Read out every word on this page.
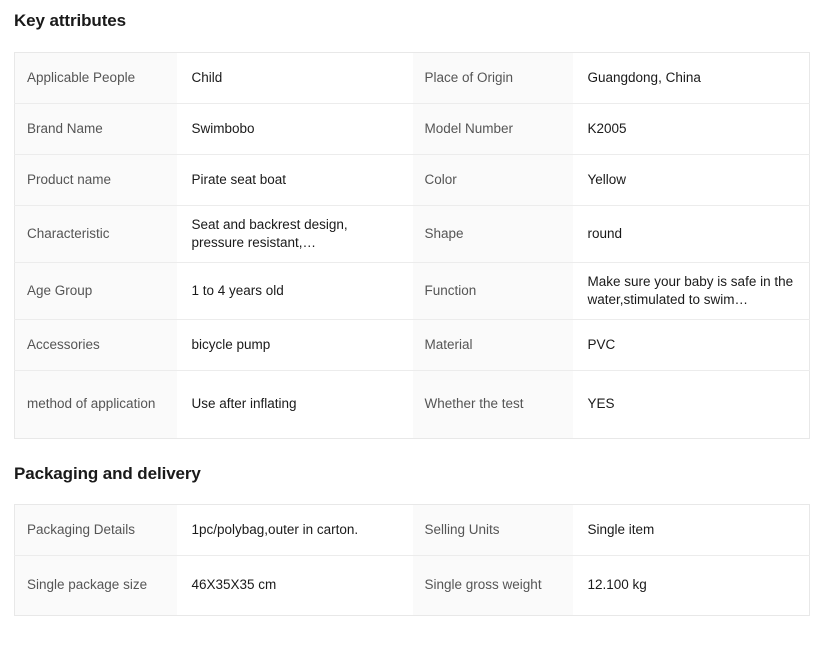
Key attributes
Applicable People	Child	Place of Origin	Guangdong, China
Brand Name	Swimbobo	Model Number	K2005
Product name	Pirate seat boat	Color	Yellow
Characteristic	Seat and backrest design, pressure resistant,…	Shape	round
Age Group	1 to 4 years old	Function	Make sure your baby is safe in the water,stimulated to swim…
Accessories	bicycle pump	Material	PVC
method of application	Use after inflating	Whether the test	YES
Packaging and delivery
Packaging Details	1pc/polybag,outer in carton.	Selling Units	Single item
Single package size	46X35X35 cm	Single gross weight	12.100 kg
